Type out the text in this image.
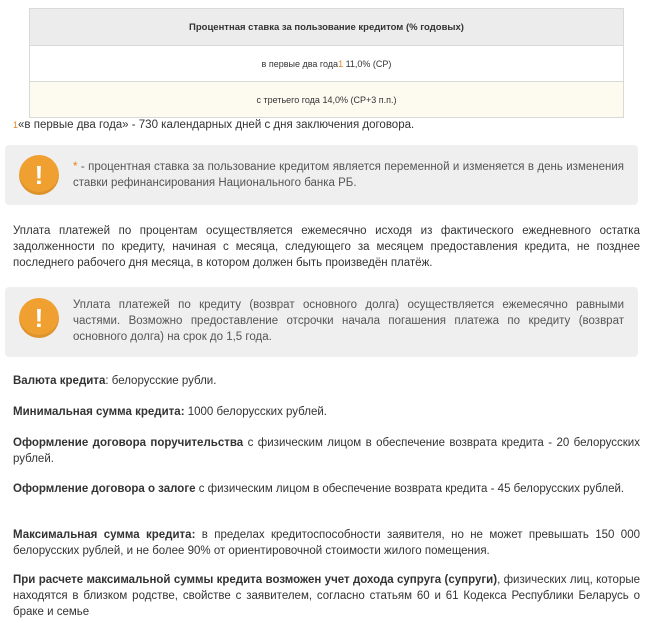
Процентная ставка за пользование кредитом (% годовых)
в первые два года1 11,0% (СР)
с третьего года 14,0% (СР+3 п.п.)
1«в первые два года» - 730 календарных дней с дня заключения договора.
!	* - процентная ставка за пользование кредитом является переменной и изменяется в день изменения ставки рефинансирования Национального банка РБ.
Уплата платежей по процентам осуществляется ежемесячно исходя из фактического ежедневного остатка задолженности по кредиту, начиная с месяца, следующего за месяцем предоставления кредита, не позднее последнего рабочего дня месяца, в котором должен быть произведён платёж.
!	Уплата платежей по кредиту (возврат основного долга) осуществляется ежемесячно равными частями. Возможно предоставление отсрочки начала погашения платежа по кредиту (возврат основного долга) на срок до 1,5 года.
Валюта кредита: белорусские рубли.
Минимальная сумма кредита: 1000 белорусских рублей.
Оформление договора поручительства с физическим лицом в обеспечение возврата кредита - 20 белорусских рублей.
Оформление договора о залоге с физическим лицом в обеспечение возврата кредита - 45 белорусских рублей.
Максимальная сумма кредита: в пределах кредитоспособности заявителя, но не может превышать 150 000 белорусских рублей, и не более 90% от ориентировочной стоимости жилого помещения.
При расчете максимальной суммы кредита возможен учет дохода супруга (супруги), физических лиц, которые находятся в близком родстве, свойстве с заявителем, согласно статьям 60 и 61 Кодекса Республики Беларусь о браке и семье
